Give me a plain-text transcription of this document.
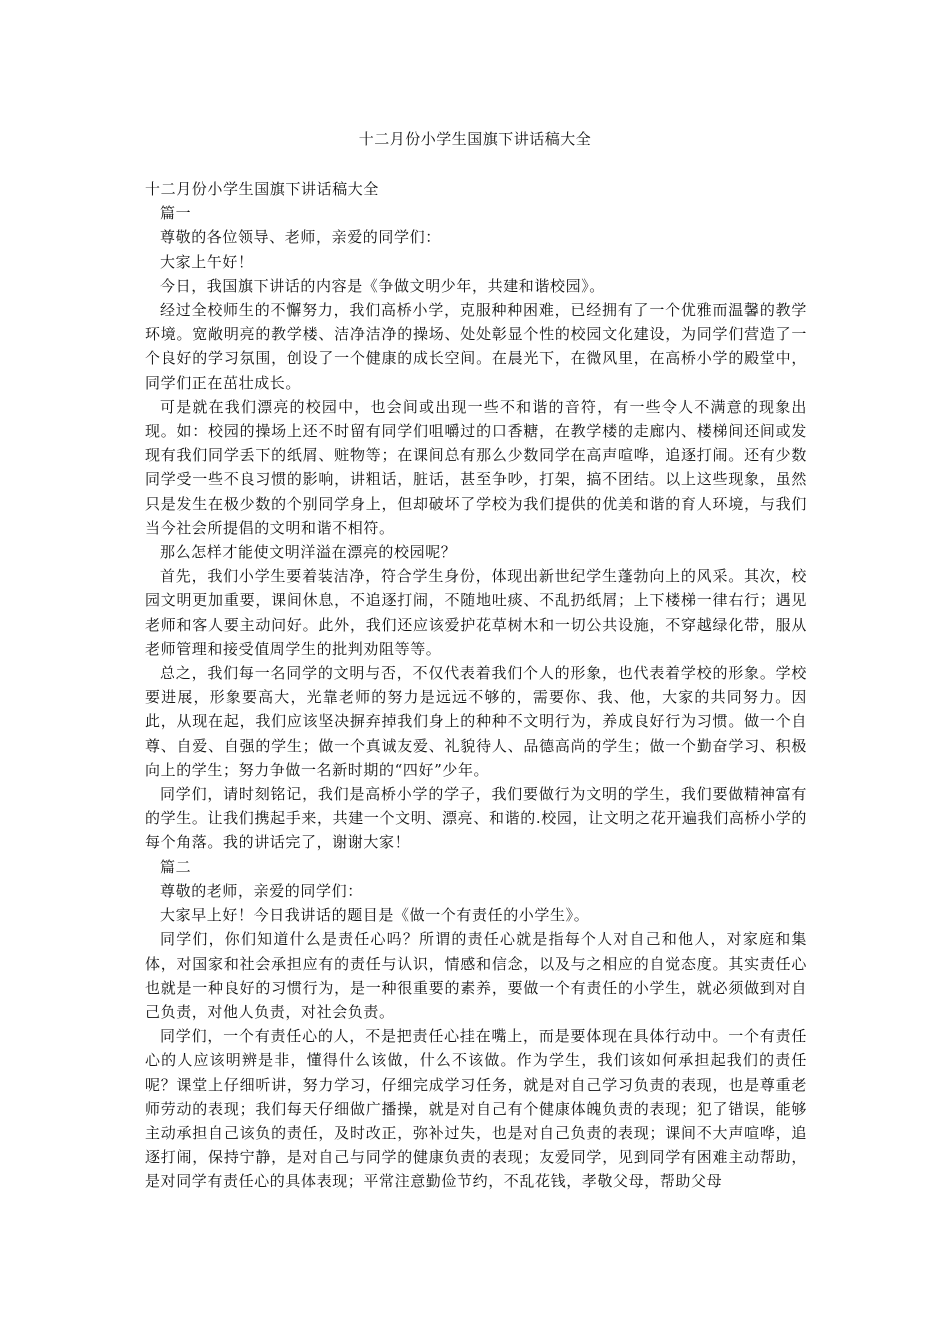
十二月份小学生国旗下讲话稿大全

十二月份小学生国旗下讲话稿大全

篇一

尊敬的各位领导、老师，亲爱的同学们：

大家上午好！

今日，我国旗下讲话的内容是《争做文明少年，共建和谐校园》。

经过全校师生的不懈努力，我们高桥小学，克服种种困难，已经拥有了一个优雅而温馨的教学环境。宽敞明亮的教学楼、洁净洁净的操场、处处彰显个性的校园文化建设，为同学们营造了一个良好的学习氛围，创设了一个健康的成长空间。在晨光下，在微风里，在高桥小学的殿堂中，同学们正在茁壮成长。

可是就在我们漂亮的校园中，也会间或出现一些不和谐的音符，有一些令人不满意的现象出现。如：校园的操场上还不时留有同学们咀嚼过的口香糖，在教学楼的走廊内、楼梯间还间或发现有我们同学丢下的纸屑、赃物等；在课间总有那么少数同学在高声喧哗，追逐打闹。还有少数同学受一些不良习惯的影响，讲粗话，脏话，甚至争吵，打架，搞不团结。以上这些现象，虽然只是发生在极少数的个别同学身上，但却破坏了学校为我们提供的优美和谐的育人环境，与我们当今社会所提倡的文明和谐不相符。

那么怎样才能使文明洋溢在漂亮的校园呢？

首先，我们小学生要着装洁净，符合学生身份，体现出新世纪学生蓬勃向上的风采。其次，校园文明更加重要，课间休息，不追逐打闹，不随地吐痰、不乱扔纸屑；上下楼梯一律右行；遇见老师和客人要主动问好。此外，我们还应该爱护花草树木和一切公共设施，不穿越绿化带，服从老师管理和接受值周学生的批判劝阻等等。

总之，我们每一名同学的文明与否，不仅代表着我们个人的形象，也代表着学校的形象。学校要进展，形象要高大，光靠老师的努力是远远不够的，需要你、我、他，大家的共同努力。因此，从现在起，我们应该坚决摒弃掉我们身上的种种不文明行为，养成良好行为习惯。做一个自尊、自爱、自强的学生；做一个真诚友爱、礼貌待人、品德高尚的学生；做一个勤奋学习、积极向上的学生；努力争做一名新时期的“四好”少年。

同学们，请时刻铭记，我们是高桥小学的学子，我们要做行为文明的学生，我们要做精神富有的学生。让我们携起手来，共建一个文明、漂亮、和谐的.校园，让文明之花开遍我们高桥小学的每个角落。我的讲话完了，谢谢大家！

篇二

尊敬的老师，亲爱的同学们：

大家早上好！今日我讲话的题目是《做一个有责任的小学生》。

同学们，你们知道什么是责任心吗？所谓的责任心就是指每个人对自己和他人，对家庭和集体，对国家和社会承担应有的责任与认识，情感和信念，以及与之相应的自觉态度。其实责任心也就是一种良好的习惯行为，是一种很重要的素养，要做一个有责任的小学生，就必须做到对自己负责，对他人负责，对社会负责。

同学们，一个有责任心的人，不是把责任心挂在嘴上，而是要体现在具体行动中。一个有责任心的人应该明辨是非，懂得什么该做，什么不该做。作为学生，我们该如何承担起我们的责任呢？课堂上仔细听讲，努力学习，仔细完成学习任务，就是对自己学习负责的表现，也是尊重老师劳动的表现；我们每天仔细做广播操，就是对自己有个健康体魄负责的表现；犯了错误，能够主动承担自己该负的责任，及时改正，弥补过失，也是对自己负责的表现；课间不大声喧哗，追逐打闹，保持宁静，是对自己与同学的健康负责的表现；友爱同学，见到同学有困难主动帮助，是对同学有责任心的具体表现；平常注意勤俭节约，不乱花钱，孝敬父母，帮助父母
